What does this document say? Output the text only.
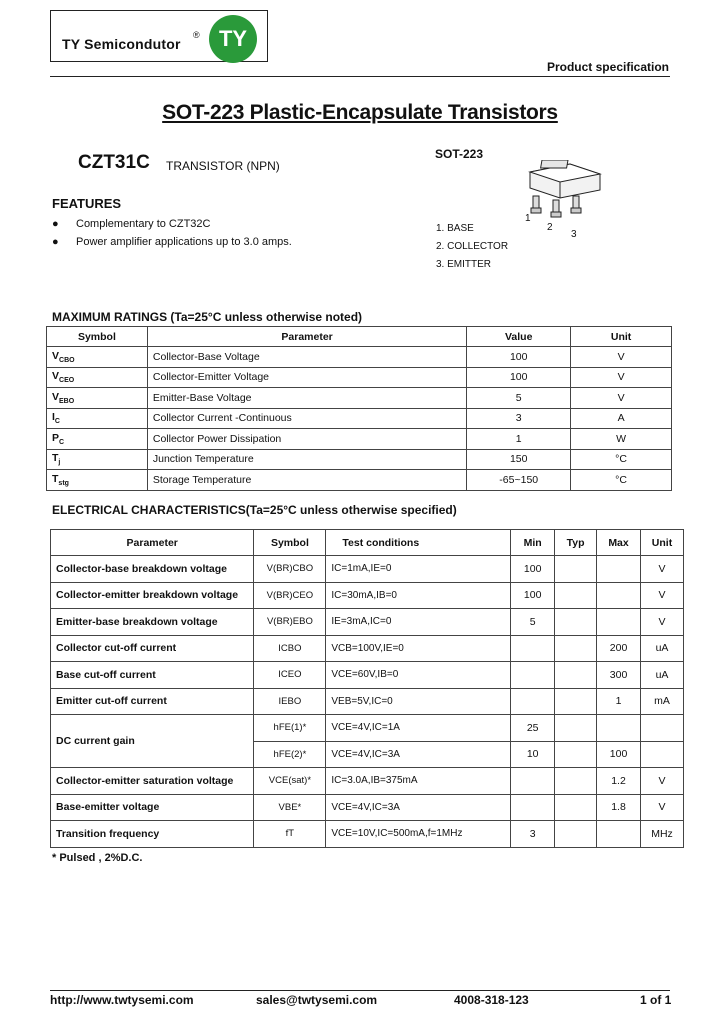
TY Semicondutor
® TY
Product specification
SOT-223 Plastic-Encapsulate Transistors
CZT31C TRANSISTOR (NPN)
SOT-223
1
2
3
1. BASE
2. COLLECTOR
3. EMITTER
FEATURES
● Complementary to CZT32C
● Power amplifier applications up to 3.0 amps.
MAXIMUM RATINGS (Ta=25°C unless otherwise noted)
Symbol	Parameter	Value	Unit
$V_{CBO}$	Collector-Base Voltage	100	V
$V_{CEO}$	Collector-Emitter Voltage	100	V
$V_{EBO}$	Emitter-Base Voltage	5	V
$I_C$	Collector Current -Continuous	3	A
$P_C$	Collector Power Dissipation	1	W
$T_j$	Junction Temperature	150	°C
$T_{stg}$	Storage Temperature	-65~150	°C
ELECTRICAL CHARACTERISTICS(Ta=25°C unless otherwise specified)
Parameter	Symbol	Test conditions	Min	Typ	Max	Unit
Collector-base breakdown voltage	V(BR)CBO	IC=1mA,IE=0	100			V
Collector-emitter breakdown voltage	V(BR)CEO	IC=30mA,IB=0	100			V
Emitter-base breakdown voltage	V(BR)EBO	IE=3mA,IC=0	5			V
Collector cut-off current	ICBO	VCB=100V,IE=0			200	uA
Base cut-off current	ICEO	VCE=60V,IB=0			300	uA
Emitter cut-off current	IEBO	VEB=5V,IC=0			1	mA
DC current gain	hFE(1)*	VCE=4V,IC=1A	25			
	hFE(2)*	VCE=4V,IC=3A	10		100	
Collector-emitter saturation voltage	VCE(sat)*	IC=3.0A,IB=375mA			1.2	V
Base-emitter voltage	VBE*	VCE=4V,IC=3A			1.8	V
Transition frequency	fT	VCE=10V,IC=500mA,f=1MHz	3			MHz
* Pulsed , 2%D.C.
http://www.twtysemi.com	sales@twtysemi.com	4008-318-123	1 of 1
